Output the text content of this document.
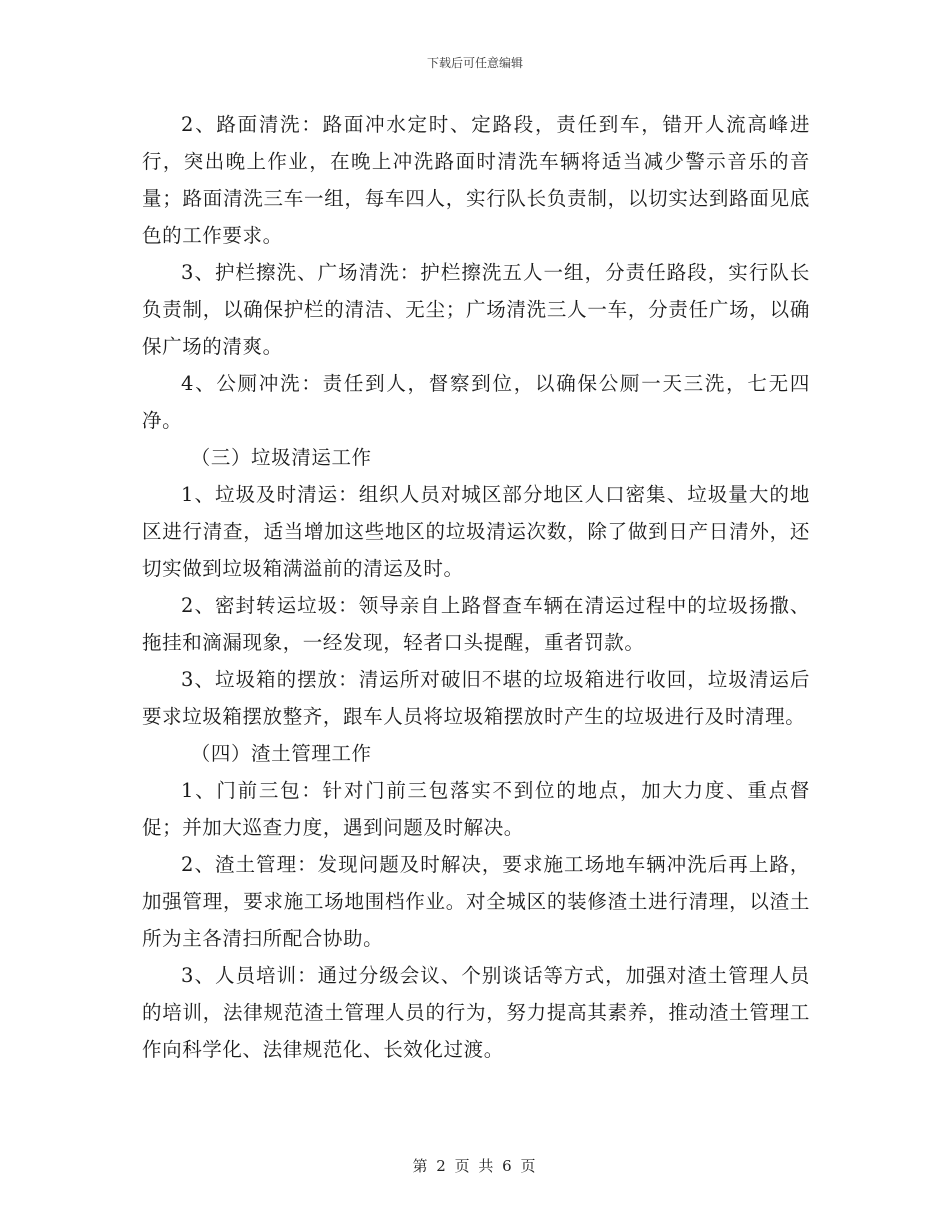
下载后可任意编辑

2、路面清洗：路面冲水定时、定路段，责任到车，错开人流高峰进行，突出晚上作业，在晚上冲洗路面时清洗车辆将适当减少警示音乐的音量；路面清洗三车一组，每车四人，实行队长负责制，以切实达到路面见底色的工作要求。

3、护栏擦洗、广场清洗：护栏擦洗五人一组，分责任路段，实行队长负责制，以确保护栏的清洁、无尘；广场清洗三人一车，分责任广场，以确保广场的清爽。

4、公厕冲洗：责任到人，督察到位，以确保公厕一天三洗，七无四净。

（三）垃圾清运工作

1、垃圾及时清运：组织人员对城区部分地区人口密集、垃圾量大的地区进行清查，适当增加这些地区的垃圾清运次数，除了做到日产日清外，还切实做到垃圾箱满溢前的清运及时。

2、密封转运垃圾：领导亲自上路督查车辆在清运过程中的垃圾扬撒、拖挂和滴漏现象，一经发现，轻者口头提醒，重者罚款。

3、垃圾箱的摆放：清运所对破旧不堪的垃圾箱进行收回，垃圾清运后要求垃圾箱摆放整齐，跟车人员将垃圾箱摆放时产生的垃圾进行及时清理。

（四）渣土管理工作

1、门前三包：针对门前三包落实不到位的地点，加大力度、重点督促；并加大巡查力度，遇到问题及时解决。

2、渣土管理：发现问题及时解决，要求施工场地车辆冲洗后再上路，加强管理，要求施工场地围档作业。对全城区的装修渣土进行清理，以渣土所为主各清扫所配合协助。

3、人员培训：通过分级会议、个别谈话等方式，加强对渣土管理人员的培训，法律规范渣土管理人员的行为，努力提高其素养，推动渣土管理工作向科学化、法律规范化、长效化过渡。

第 2 页 共 6 页
